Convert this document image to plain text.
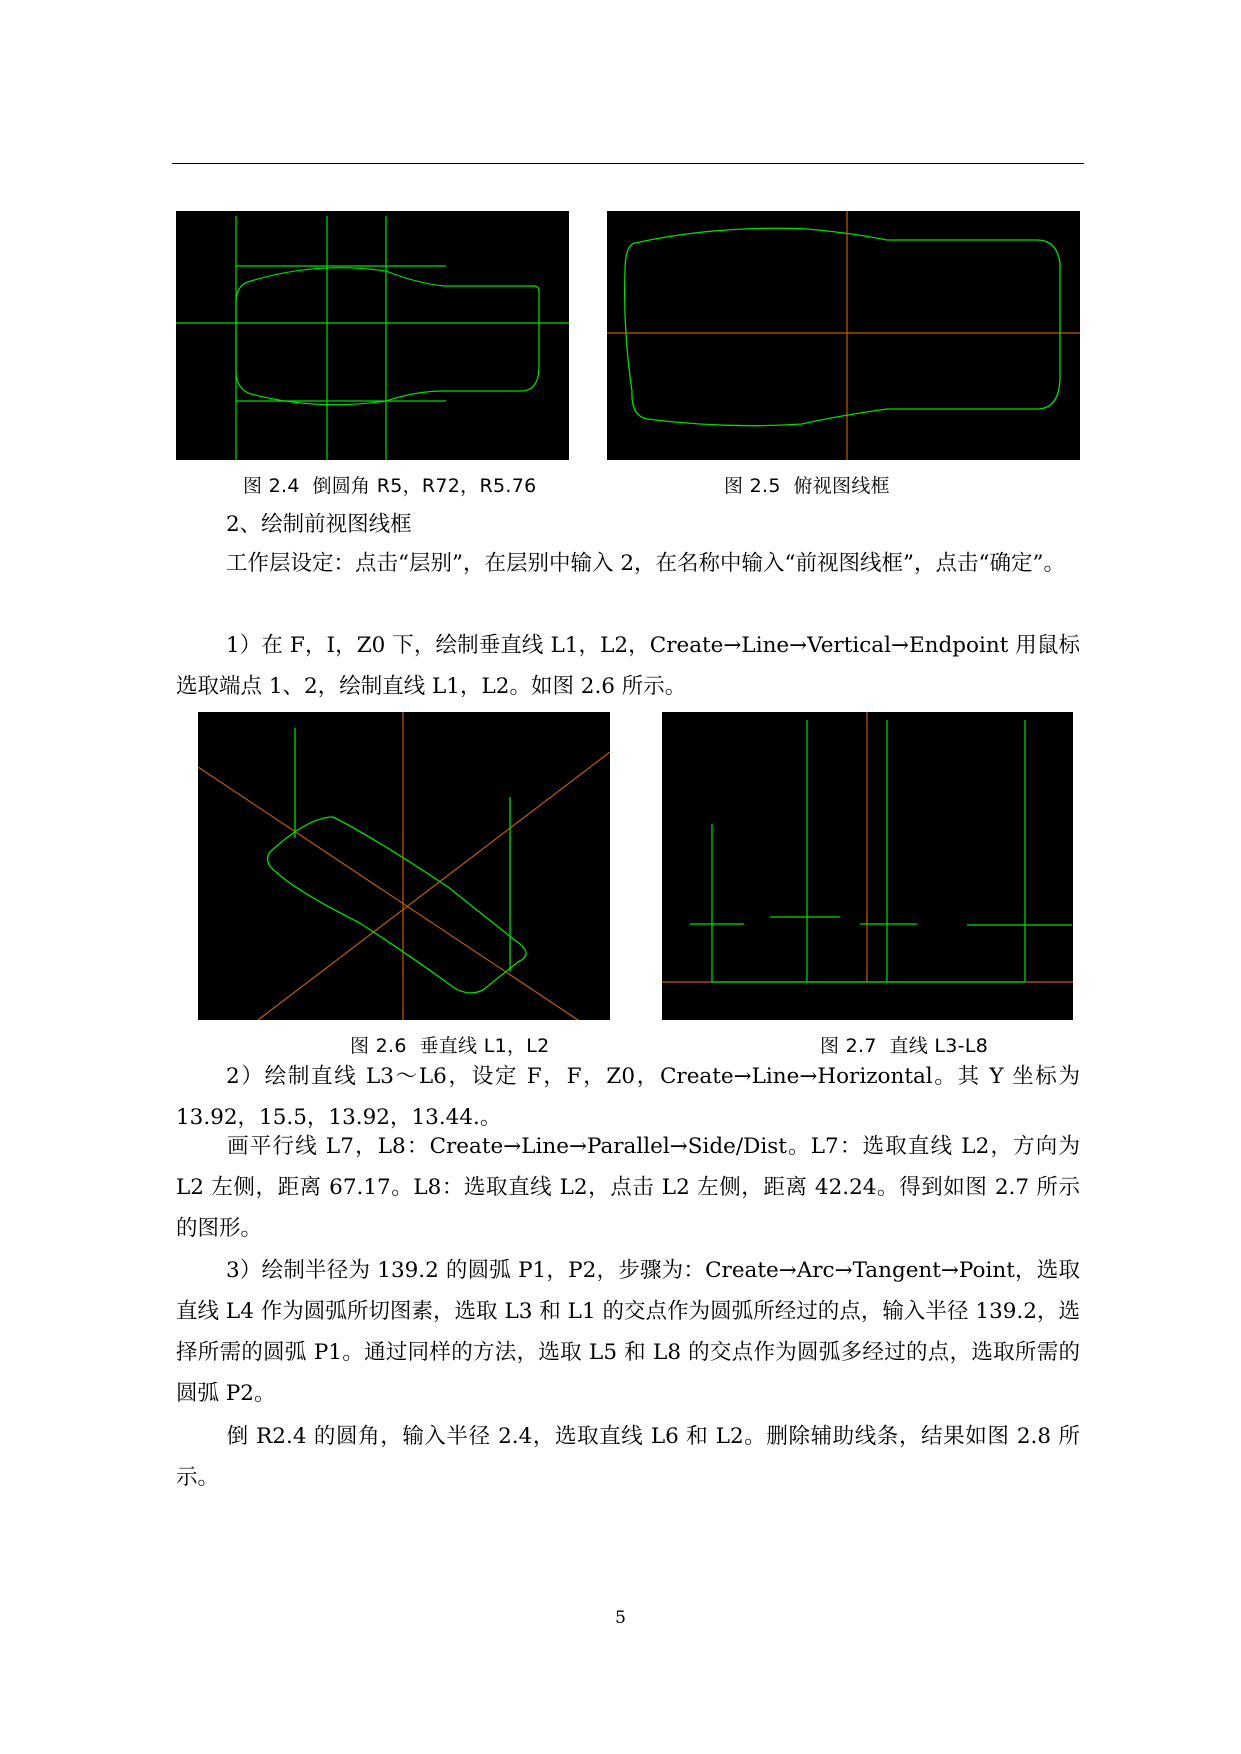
图 2.4 倒圆角 R5，R72，R5.76	图 2.5 俯视图线框
2、绘制前视图线框

工作层设定：点击“层别”，在层别中输入 2，在名称中输入“前视图线框”，点击“确定”。

1）在 F，I，Z0 下，绘制垂直线 L1，L2，Create→Line→Vertical→Endpoint 用鼠标选取端点 1、2，绘制直线 L1，L2。如图 2.6 所示。

图 2.6 垂直线 L1，L2	图 2.7 直线 L3-L8

2）绘制直线 L3～L6，设定 F，F，Z0，Create→Line→Horizontal。其 Y 坐标为 13.92，15.5，13.92，13.44.。

画平行线 L7，L8：Create→Line→Parallel→Side/Dist。L7：选取直线 L2，方向为 L2 左侧，距离 67.17。L8：选取直线 L2，点击 L2 左侧，距离 42.24。得到如图 2.7 所示的图形。

3）绘制半径为 139.2 的圆弧 P1，P2，步骤为：Create→Arc→Tangent→Point，选取直线 L4 作为圆弧所切图素，选取 L3 和 L1 的交点作为圆弧所经过的点，输入半径 139.2，选择所需的圆弧 P1。通过同样的方法，选取 L5 和 L8 的交点作为圆弧多经过的点，选取所需的圆弧 P2。

倒 R2.4 的圆角，输入半径 2.4，选取直线 L6 和 L2。删除辅助线条，结果如图 2.8 所示。

5
